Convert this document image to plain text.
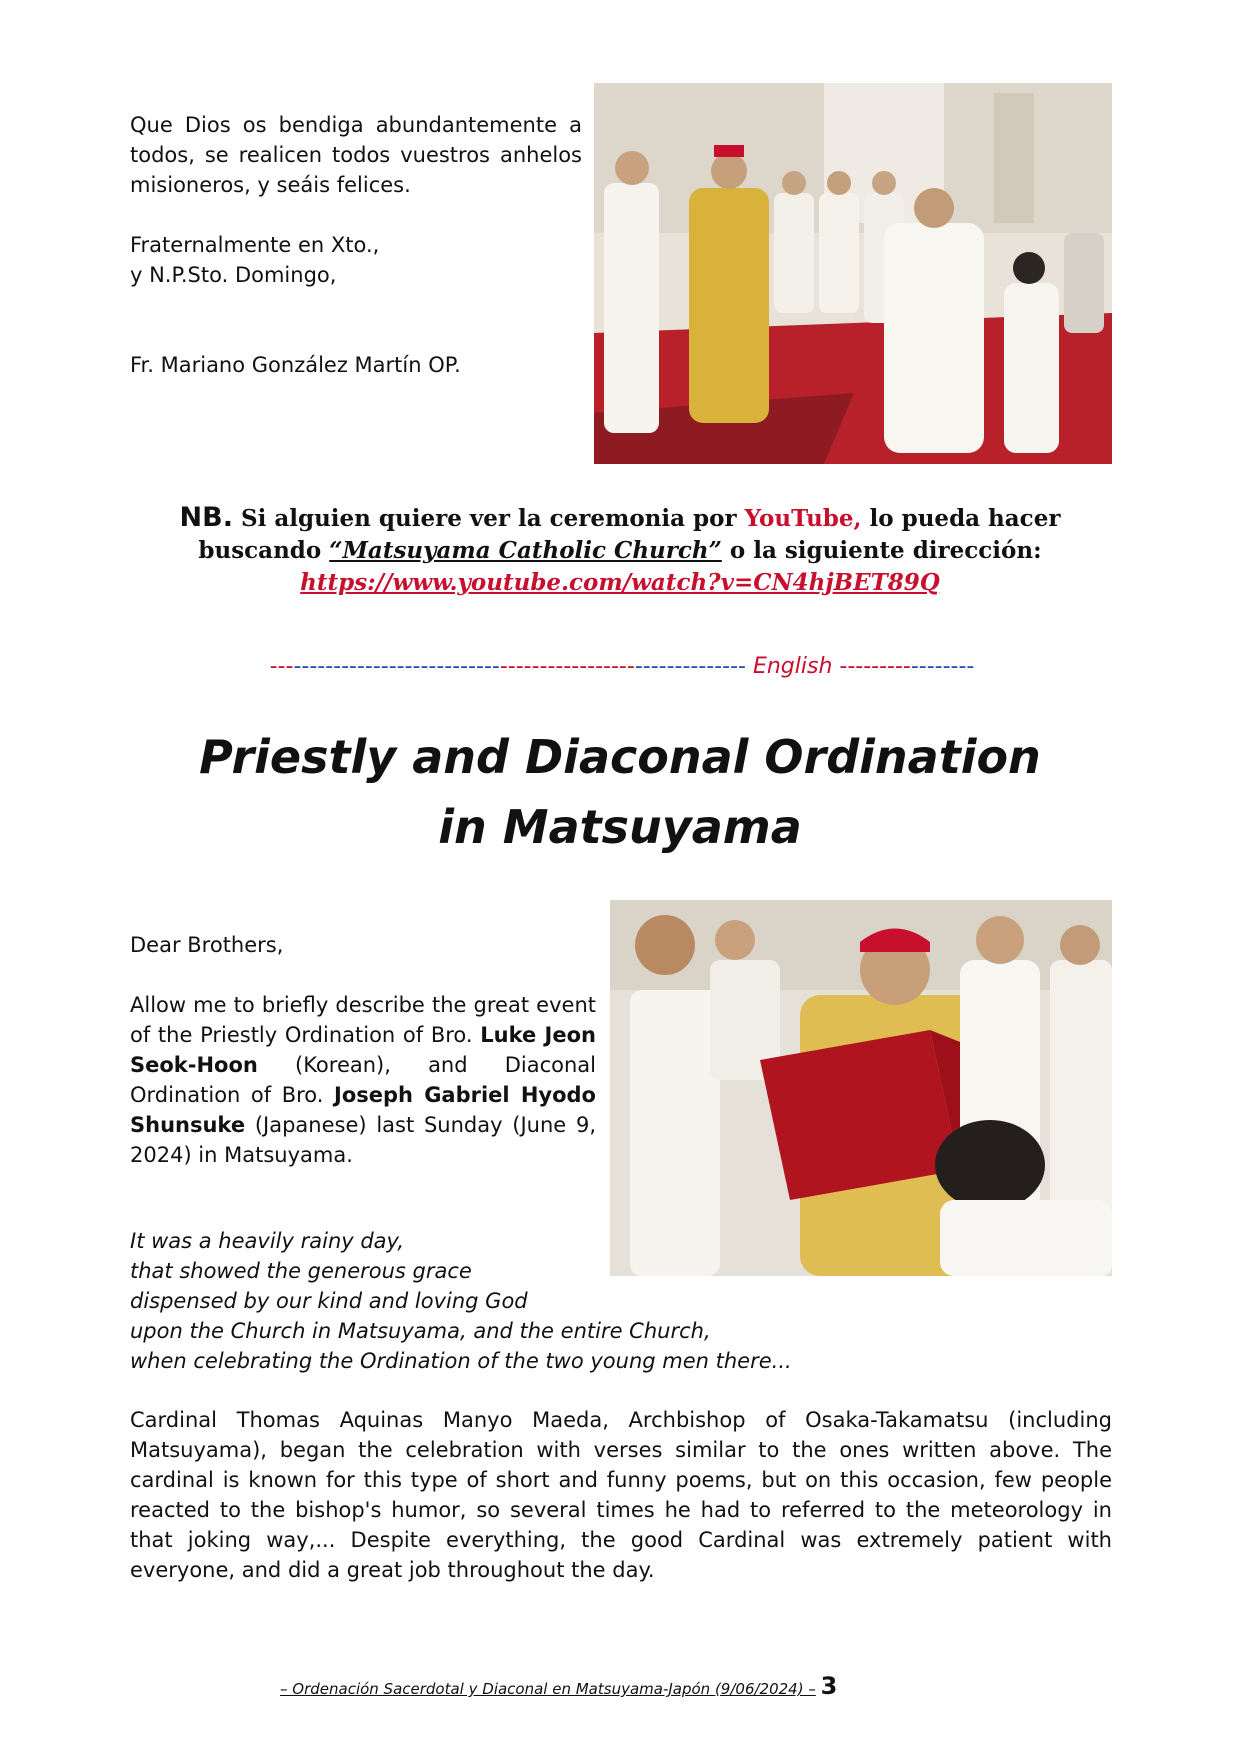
Que Dios os bendiga abundantemente a todos, se realicen todos vuestros anhelos misioneros, y seáis felices.

Fraternalmente en Xto.,
y N.P.Sto. Domingo,
Fr. Mariano González Martín OP.
NB. Si alguien quiere ver la ceremonia por YouTube, lo pueda hacer
buscando “Matsuyama Catholic Church” o la siguiente dirección:
https://www.youtube.com/watch?v=CN4hjBET89Q
------------------------------------------------------------ English -----------------
Priestly and Diaconal Ordination
in Matsuyama
Dear Brothers,

Allow me to briefly describe the great event of the Priestly Ordination of Bro. Luke Jeon Seok-Hoon (Korean), and Diaconal Ordination of Bro. Joseph Gabriel Hyodo Shunsuke (Japanese) last Sunday (June 9, 2024) in Matsuyama.

It was a heavily rainy day,
that showed the generous grace
dispensed by our kind and loving God
upon the Church in Matsuyama, and the entire Church,
when celebrating the Ordination of the two young men there...

Cardinal Thomas Aquinas Manyo Maeda, Archbishop of Osaka-Takamatsu (including Matsuyama), began the celebration with verses similar to the ones written above. The cardinal is known for this type of short and funny poems, but on this occasion, few people reacted to the bishop's humor, so several times he had to referred to the meteorology in that joking way,... Despite everything, the good Cardinal was extremely patient with everyone, and did a great job throughout the day.

– Ordenación Sacerdotal y Diaconal en Matsuyama-Japón (9/06/2024) – 3
